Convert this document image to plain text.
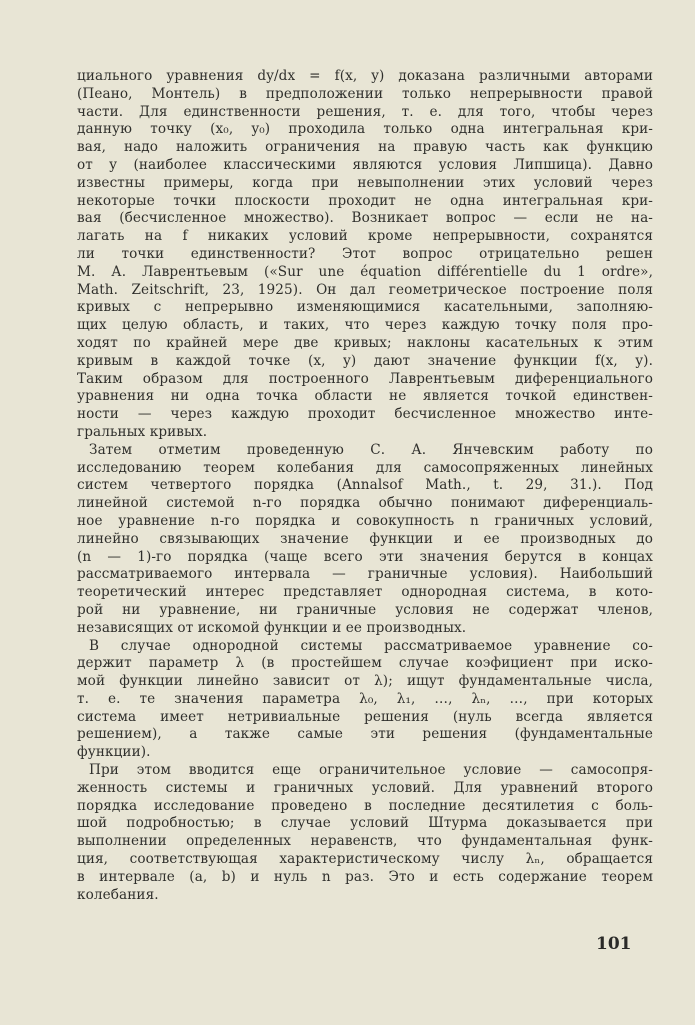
циального уравнения dy/dx = f(x, y) доказана различными авторами
(Пеано, Монтель) в предположении только непрерывности правой
части. Для единственности решения, т. е. для того, чтобы через
данную точку (x₀, y₀) проходила только одна интегральная кри-
вая, надо наложить ограничения на правую часть как функцию
от y (наиболее классическими являются условия Липшица). Давно
известны примеры, когда при невыполнении этих условий через
некоторые точки плоскости проходит не одна интегральная кри-
вая (бесчисленное множество). Возникает вопрос — если не на-
лагать на f никаких условий кроме непрерывности, сохранятся
ли точки единственности? Этот вопрос отрицательно решен
М. А. Лаврентьевым («Sur une équation différentielle du 1 ordre»,
Math. Zeitschrift, 23, 1925). Он дал геометрическое построение поля
кривых с непрерывно изменяющимися касательными, заполняю-
щих целую область, и таких, что через каждую точку поля про-
ходят по крайней мере две кривых; наклоны касательных к этим
кривым в каждой точке (x, y) дают значение функции f(x, y).
Таким образом для построенного Лаврентьевым диференциального
уравнения ни одна точка области не является точкой единствен-
ности — через каждую проходит бесчисленное множество инте-
гральных кривых.
Затем отметим проведенную С. А. Янчевским работу по
исследованию теорем колебания для самосопряженных линейных
систем четвертого порядка (Annalsof Math., t. 29, 31.). Под
линейной системой n-го порядка обычно понимают диференциаль-
ное уравнение n-го порядка и совокупность n граничных условий,
линейно связывающих значение функции и ее производных до
(n — 1)-го порядка (чаще всего эти значения берутся в концах
рассматриваемого интервала — граничные условия). Наибольший
теоретический интерес представляет однородная система, в кото-
рой ни уравнение, ни граничные условия не содержат членов,
независящих от искомой функции и ее производных.
В случае однородной системы рассматриваемое уравнение со-
держит параметр λ (в простейшем случае коэфициент при иско-
мой функции линейно зависит от λ); ищут фундаментальные числа,
т. е. те значения параметра λ₀, λ₁, …, λₙ, …, при которых
система имеет нетривиальные решения (нуль всегда является
решением), а также самые эти решения (фундаментальные
функции).
При этом вводится еще ограничительное условие — самосопря-
женность системы и граничных условий. Для уравнений второго
порядка исследование проведено в последние десятилетия с боль-
шой подробностью; в случае условий Штурма доказывается при
выполнении определенных неравенств, что фундаментальная функ-
ция, соответствующая характеристическому числу λₙ, обращается
в интервале (a, b) и нуль n раз. Это и есть содержание теорем
колебания.
101
